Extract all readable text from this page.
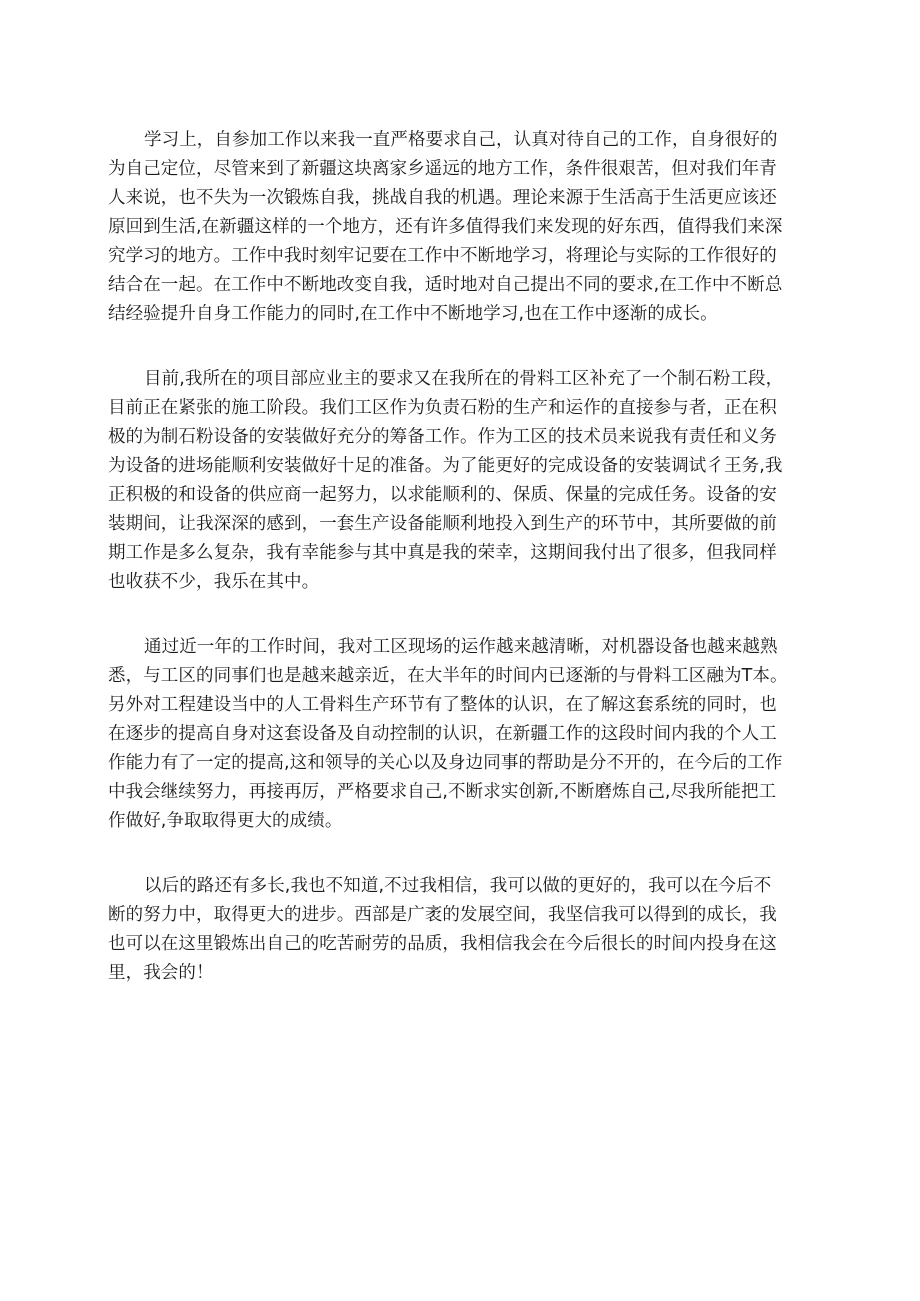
学习上，自参加工作以来我一直严格要求自己，认真对待自己的工作，自身很好的
为自己定位，尽管来到了新疆这块离家乡遥远的地方工作，条件很艰苦，但对我们年青
人来说，也不失为一次锻炼自我，挑战自我的机遇。理论来源于生活高于生活更应该还
原回到生活,在新疆这样的一个地方，还有许多值得我们来发现的好东西，值得我们来深
究学习的地方。工作中我时刻牢记要在工作中不断地学习，将理论与实际的工作很好的
结合在一起。在工作中不断地改变自我，适时地对自己提出不同的要求,在工作中不断总
结经验提升自身工作能力的同时,在工作中不断地学习,也在工作中逐渐的成长。
目前,我所在的项目部应业主的要求又在我所在的骨料工区补充了一个制石粉工段，
目前正在紧张的施工阶段。我们工区作为负责石粉的生产和运作的直接参与者，正在积
极的为制石粉设备的安装做好充分的筹备工作。作为工区的技术员来说我有责任和义务
为设备的进场能顺利安装做好十足的准备。为了能更好的完成设备的安装调试彳王务,我
正积极的和设备的供应商一起努力，以求能顺利的、保质、保量的完成任务。设备的安
装期间，让我深深的感到，一套生产设备能顺利地投入到生产的环节中，其所要做的前
期工作是多么复杂，我有幸能参与其中真是我的荣幸，这期间我付出了很多，但我同样
也收获不少，我乐在其中。
通过近一年的工作时间，我对工区现场的运作越来越清晰，对机器设备也越来越熟
悉，与工区的同事们也是越来越亲近，在大半年的时间内已逐渐的与骨料工区融为T本。
另外对工程建设当中的人工骨料生产环节有了整体的认识，在了解这套系统的同时，也
在逐步的提高自身对这套设备及自动控制的认识，在新疆工作的这段时间内我的个人工
作能力有了一定的提高,这和领导的关心以及身边同事的帮助是分不开的，在今后的工作
中我会继续努力，再接再厉，严格要求自己,不断求实创新,不断磨炼自己,尽我所能把工
作做好,争取取得更大的成绩。
以后的路还有多长,我也不知道,不过我相信，我可以做的更好的，我可以在今后不
断的努力中，取得更大的进步。西部是广袤的发展空间，我坚信我可以得到的成长，我
也可以在这里锻炼出自己的吃苦耐劳的品质，我相信我会在今后很长的时间内投身在这
里，我会的！
